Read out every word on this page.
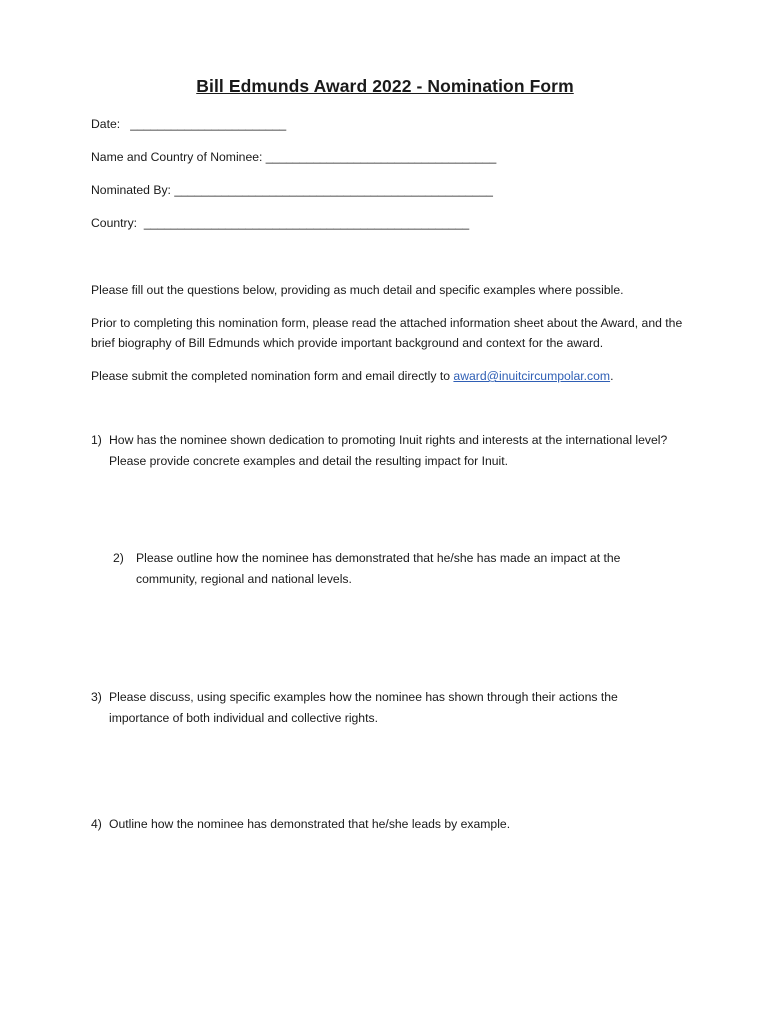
Bill Edmunds Award 2022 - Nomination Form
Date:   _______________________
Name and Country of Nominee: __________________________________
Nominated By: _______________________________________________
Country:  ________________________________________________
Please fill out the questions below, providing as much detail and specific examples where possible.
Prior to completing this nomination form, please read the attached information sheet about the Award, and the brief biography of Bill Edmunds which provide important background and context for the award.
Please submit the completed nomination form and email directly to award@inuitcircumpolar.com.
1) How has the nominee shown dedication to promoting Inuit rights and interests at the international level? Please provide concrete examples and detail the resulting impact for Inuit.
2) Please outline how the nominee has demonstrated that he/she has made an impact at the community, regional and national levels.
3) Please discuss, using specific examples how the nominee has shown through their actions the importance of both individual and collective rights.
4) Outline how the nominee has demonstrated that he/she leads by example.
